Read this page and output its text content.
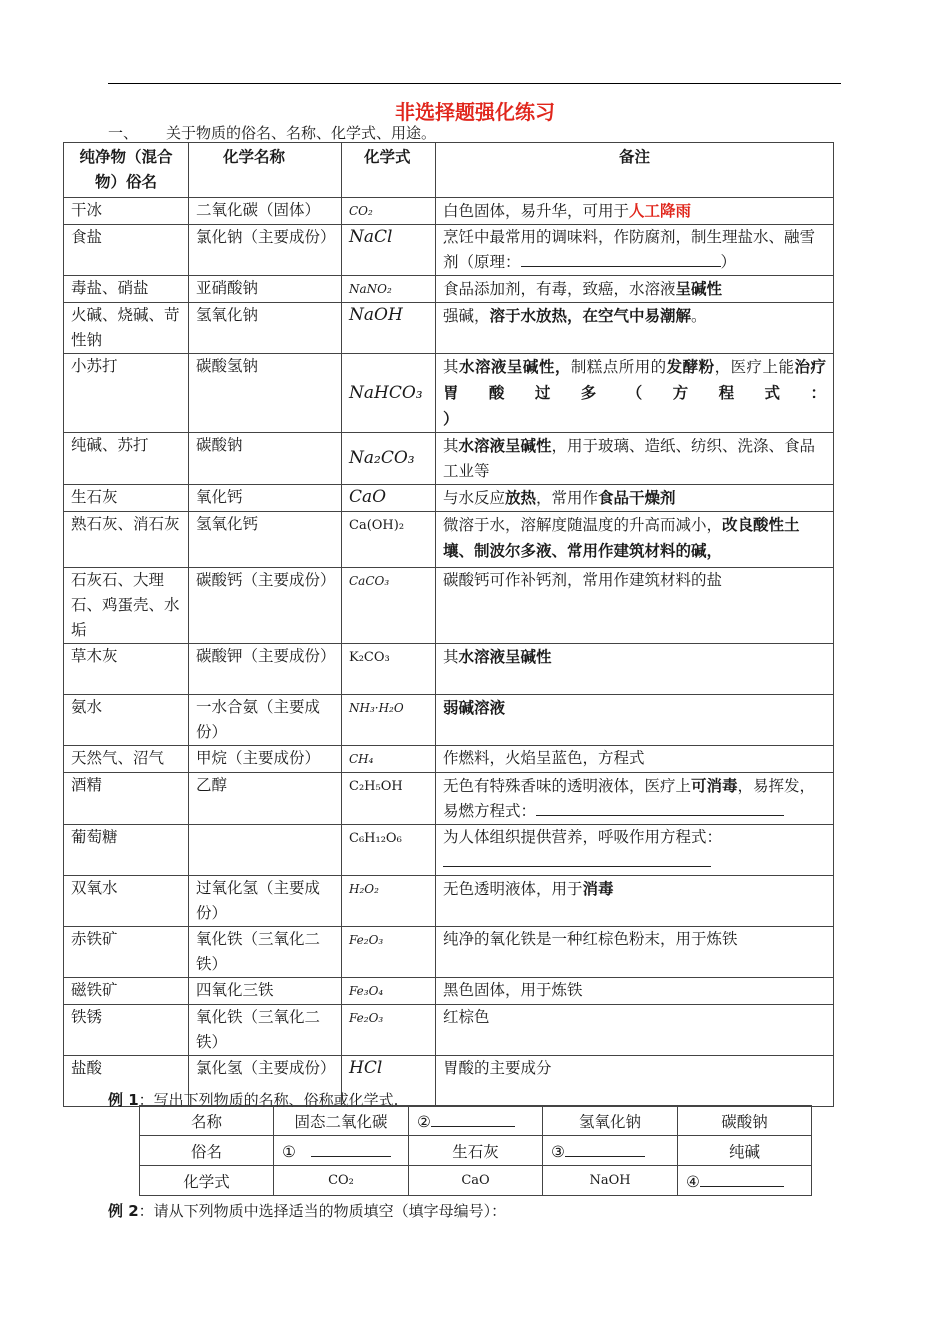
非选择题强化练习
一、 关于物质的俗名、名称、化学式、用途。
纯净物（混合物）俗名	化学名称	化学式	备注
干冰	二氧化碳（固体）	CO₂	白色固体，易升华，可用于人工降雨
食盐	氯化钠（主要成份）	NaCl	烹饪中最常用的调味料，作防腐剂，制生理盐水、融雪剂（原理： ）
毒盐、硝盐	亚硝酸钠	NaNO₂	食品添加剂，有毒，致癌，水溶液呈碱性
火碱、烧碱、苛性钠	氢氧化钠	NaOH	强碱，溶于水放热，在空气中易潮解。
小苏打	碳酸氢钠	NaHCO₃	其水溶液呈碱性，制糕点所用的发酵粉，医疗上能治疗胃酸过多（方程式：
）
纯碱、苏打	碳酸钠	Na₂CO₃	其水溶液呈碱性，用于玻璃、造纸、纺织、洗涤、食品工业等
生石灰	氧化钙	CaO	与水反应放热，常用作食品干燥剂
熟石灰、消石灰	氢氧化钙	Ca(OH)₂	微溶于水，溶解度随温度的升高而减小，改良酸性土壤、制波尔多液、常用作建筑材料的碱，
石灰石、大理石、鸡蛋壳、水垢	碳酸钙（主要成份）	CaCO₃	碳酸钙可作补钙剂，常用作建筑材料的盐
草木灰	碳酸钾（主要成份）	K₂CO₃	其水溶液呈碱性
氨水	一水合氨（主要成份）	NH₃·H₂O	弱碱溶液
天然气、沼气	甲烷（主要成份）	CH₄	作燃料，火焰呈蓝色，方程式
酒精	乙醇	C₂H₅OH	无色有特殊香味的透明液体，医疗上可消毒，易挥发，易燃方程式：
葡萄糖		C₆H₁₂O₆	为人体组织提供营养，呼吸作用方程式：

双氧水	过氧化氢（主要成份）	H₂O₂	无色透明液体，用于消毒
赤铁矿	氧化铁（三氧化二铁）	Fe₂O₃	纯净的氧化铁是一种红棕色粉末，用于炼铁
磁铁矿	四氧化三铁	Fe₃O₄	黑色固体，用于炼铁
铁锈	氧化铁（三氧化二铁）	Fe₂O₃	红棕色
盐酸	氯化氢（主要成份）	HCl	胃酸的主要成分
例 1：写出下列物质的名称、俗称或化学式.
名称	固态二氧化碳	②	氢氧化钠	碳酸钠
俗名	①	生石灰	③	纯碱
化学式	CO₂	CaO	NaOH	④
例 2：请从下列物质中选择适当的物质填空（填字母编号）：
